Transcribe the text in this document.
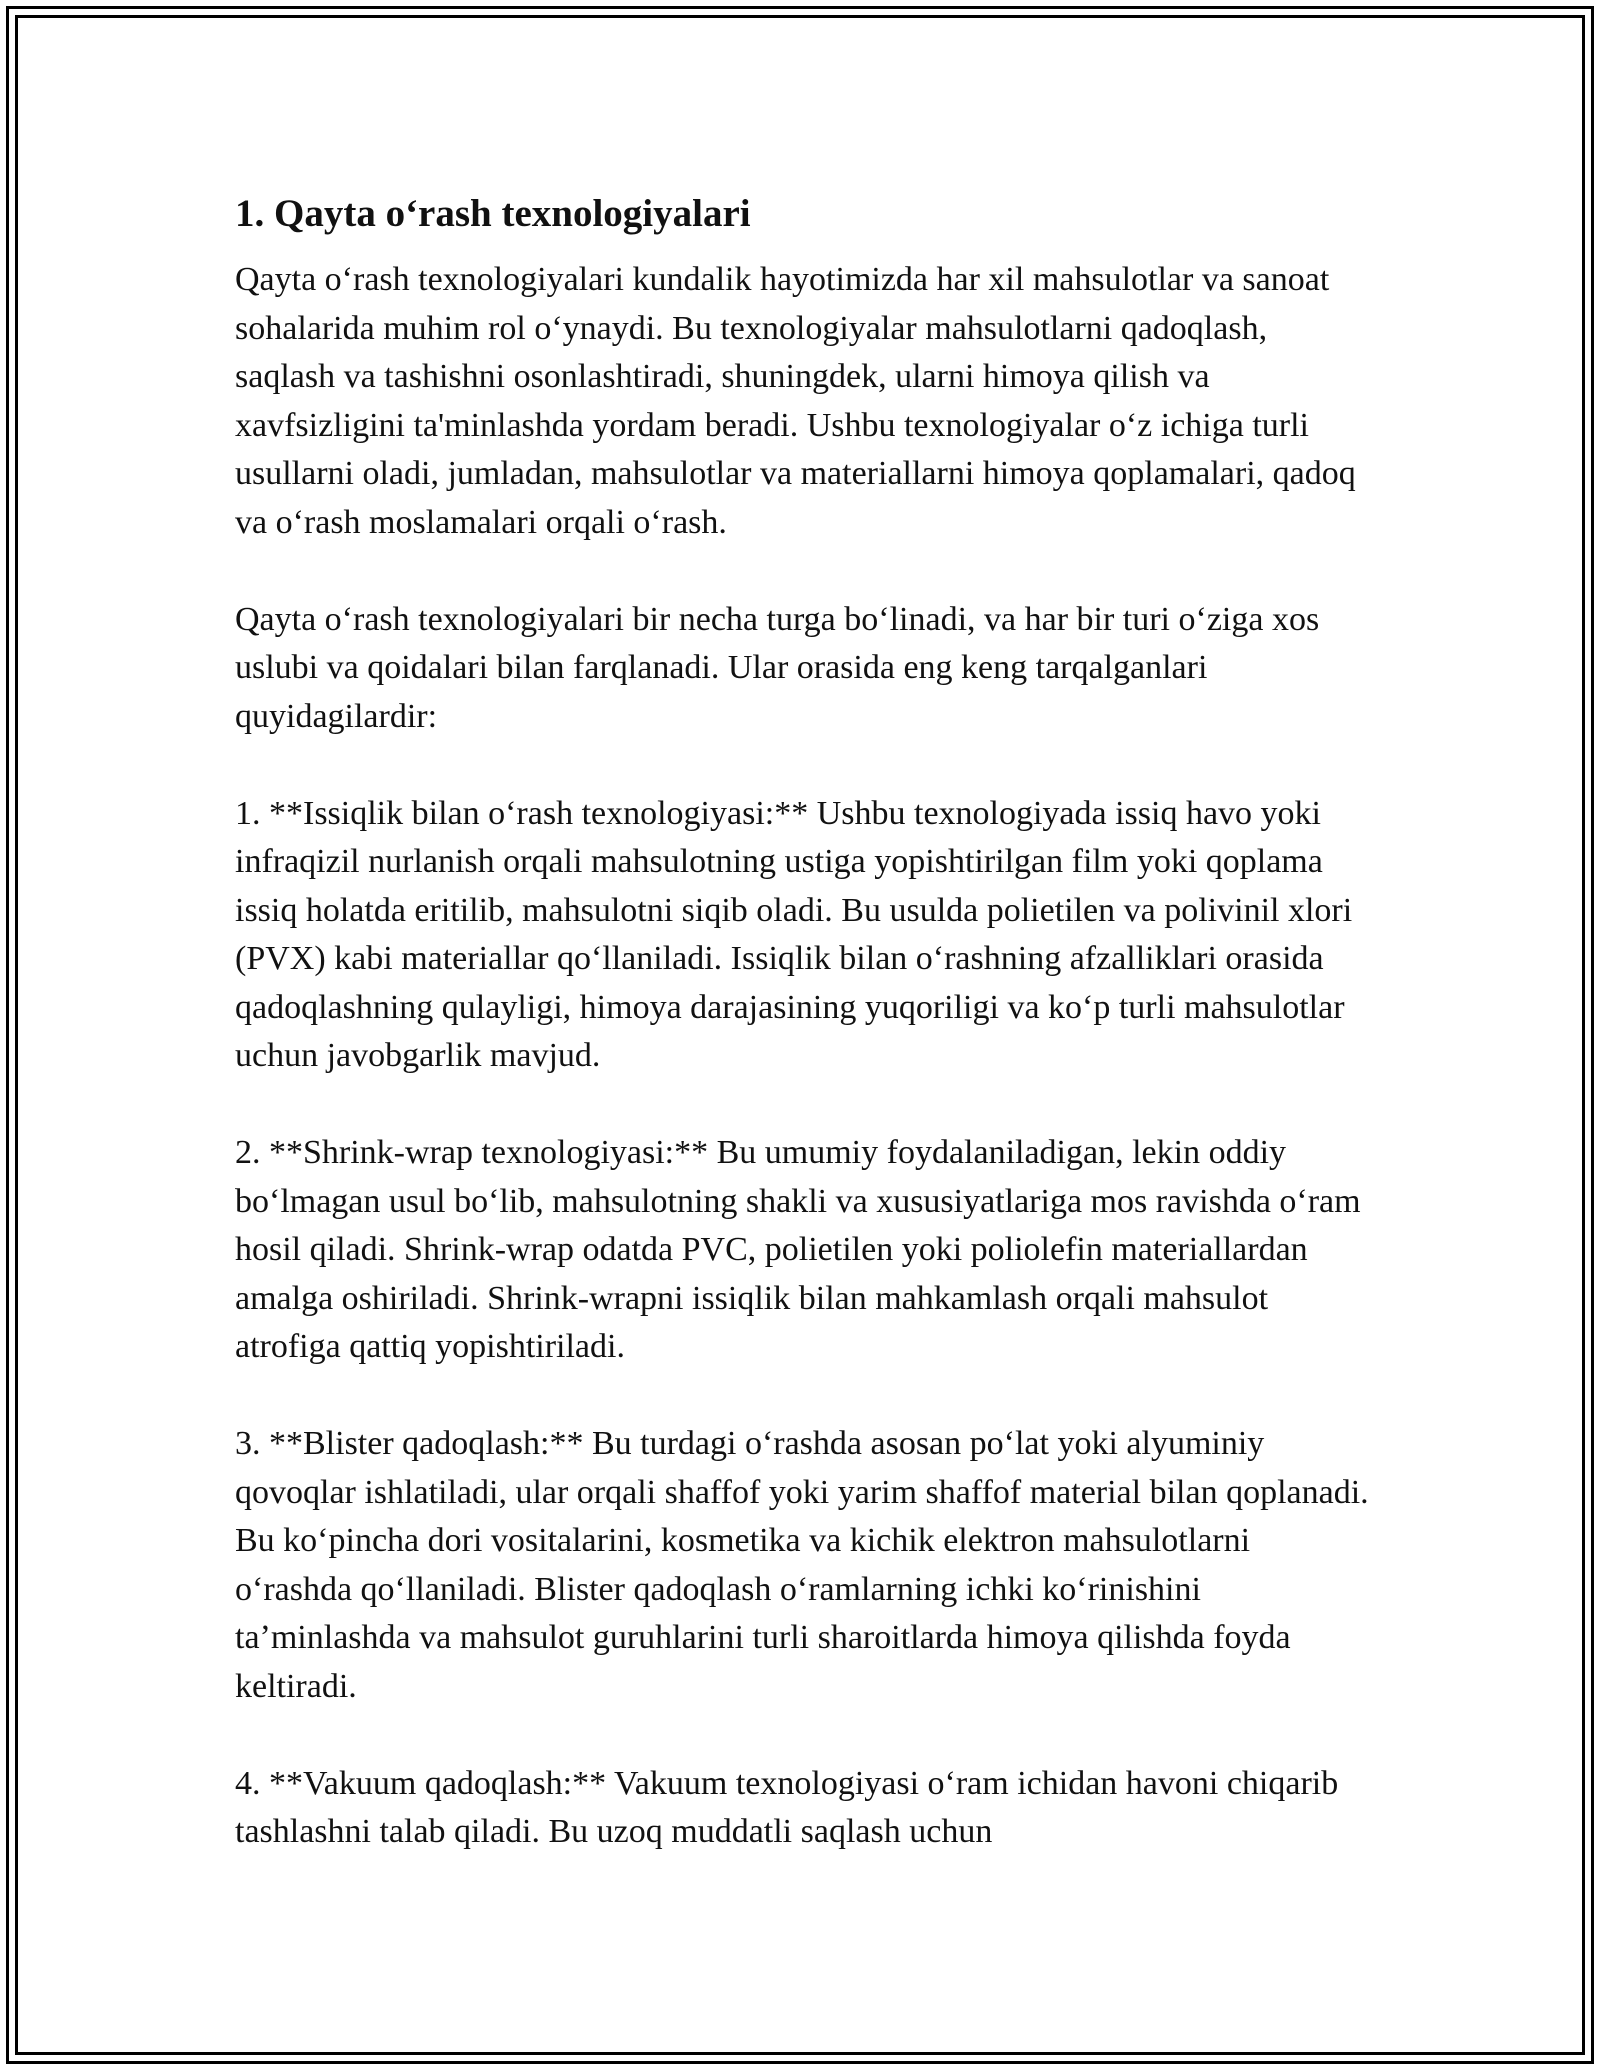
1. Qayta oʻrash texnologiyalari

Qayta oʻrash texnologiyalari kundalik hayotimizda har xil mahsulotlar va sanoat sohalarida muhim rol oʻynaydi. Bu texnologiyalar mahsulotlarni qadoqlash, saqlash va tashishni osonlashtiradi, shuningdek, ularni himoya qilish va xavfsizligini ta'minlashda yordam beradi. Ushbu texnologiyalar oʻz ichiga turli usullarni oladi, jumladan, mahsulotlar va materiallarni himoya qoplamalari, qadoq va oʻrash moslamalari orqali oʻrash.

Qayta oʻrash texnologiyalari bir necha turga boʻlinadi, va har bir turi oʻziga xos uslubi va qoidalari bilan farqlanadi. Ular orasida eng keng tarqalganlari quyidagilardir:

1. **Issiqlik bilan oʻrash texnologiyasi:** Ushbu texnologiyada issiq havo yoki infraqizil nurlanish orqali mahsulotning ustiga yopishtirilgan film yoki qoplama issiq holatda eritilib, mahsulotni siqib oladi. Bu usulda polietilen va polivinil xlori (PVX) kabi materiallar qoʻllaniladi. Issiqlik bilan oʻrashning afzalliklari orasida qadoqlashning qulayligi, himoya darajasining yuqoriligi va koʻp turli mahsulotlar uchun javobgarlik mavjud.

2. **Shrink-wrap texnologiyasi:** Bu umumiy foydalaniladigan, lekin oddiy boʻlmagan usul boʻlib, mahsulotning shakli va xususiyatlariga mos ravishda oʻram hosil qiladi. Shrink-wrap odatda PVC, polietilen yoki poliolefin materiallardan amalga oshiriladi. Shrink-wrapni issiqlik bilan mahkamlash orqali mahsulot atrofiga qattiq yopishtiriladi.

3. **Blister qadoqlash:** Bu turdagi oʻrashda asosan poʻlat yoki alyuminiy qovoqlar ishlatiladi, ular orqali shaffof yoki yarim shaffof material bilan qoplanadi. Bu koʻpincha dori vositalarini, kosmetika va kichik elektron mahsulotlarni oʻrashda qoʻllaniladi. Blister qadoqlash oʻramlarning ichki koʻrinishini taʼminlashda va mahsulot guruhlarini turli sharoitlarda himoya qilishda foyda keltiradi.

4. **Vakuum qadoqlash:** Vakuum texnologiyasi oʻram ichidan havoni chiqarib tashlashni talab qiladi. Bu uzoq muddatli saqlash uchun
